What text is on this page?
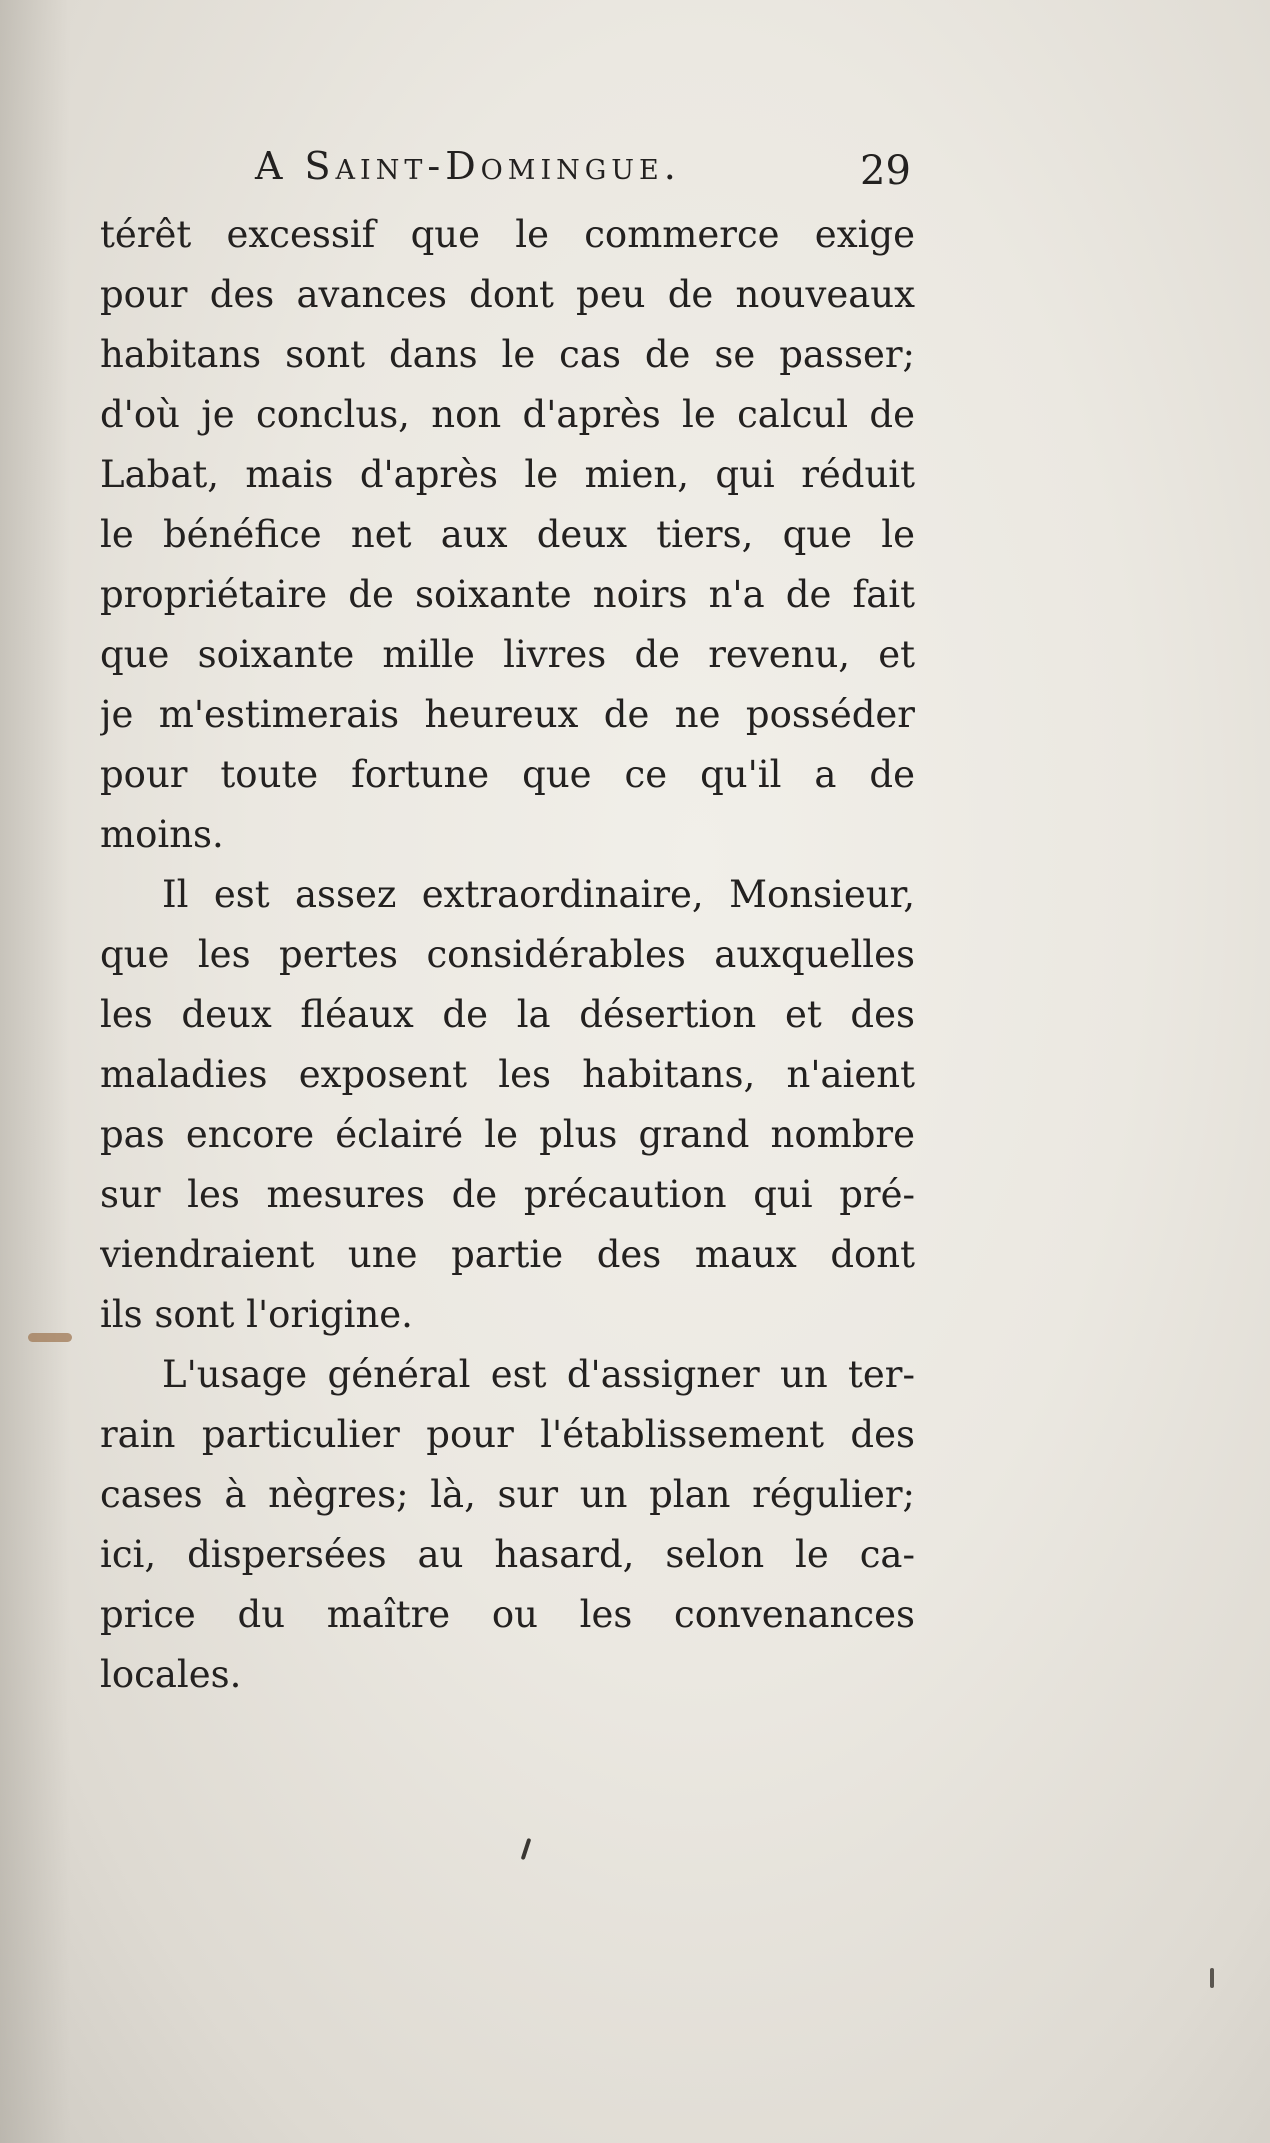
A Saint-Domingue.	29
térêt excessif que le commerce exige
pour des avances dont peu de nouveaux
habitans sont dans le cas de se passer;
d'où je conclus, non d'après le calcul de
Labat, mais d'après le mien, qui réduit
le bénéfice net aux deux tiers, que le
propriétaire de soixante noirs n'a de fait
que soixante mille livres de revenu, et
je m'estimerais heureux de ne posséder
pour toute fortune que ce qu'il a de
moins.
Il est assez extraordinaire, Monsieur,
que les pertes considérables auxquelles
les deux fléaux de la désertion et des
maladies exposent les habitans, n'aient
pas encore éclairé le plus grand nombre
sur les mesures de précaution qui pré-
viendraient une partie des maux dont
ils sont l'origine.
L'usage général est d'assigner un ter-
rain particulier pour l'établissement des
cases à nègres; là, sur un plan régulier;
ici, dispersées au hasard, selon le ca-
price du maître ou les convenances
locales.
